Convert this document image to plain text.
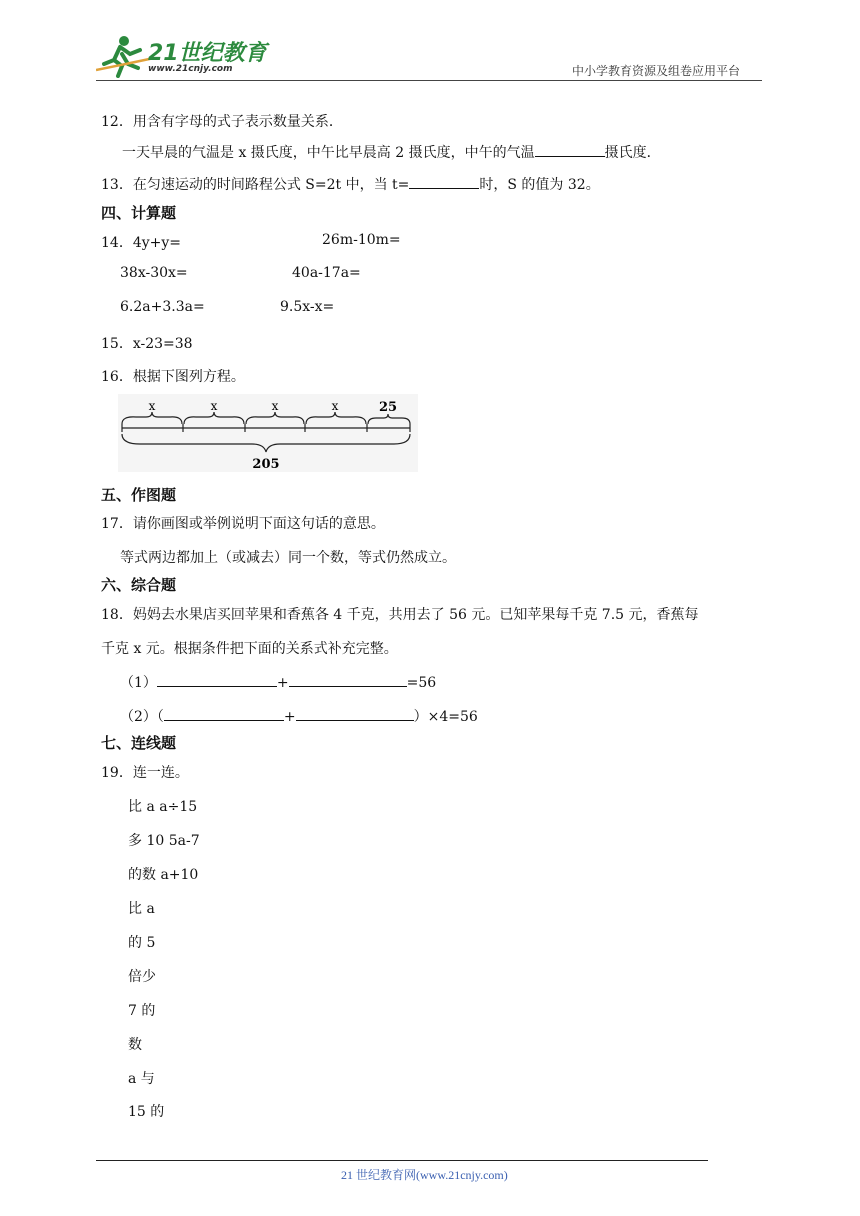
21世纪教育
www.21cnjy.com	中小学教育资源及组卷应用平台
12．用含有字母的式子表示数量关系．
一天早晨的气温是 x 摄氏度，中午比早晨高 2 摄氏度，中午的气温	摄氏度．
13．在匀速运动的时间路程公式 S=2t 中，当 t=	时，S 的值为 32。
四、计算题
14．4y+y=	26m-10m=
38x-30x=	40a-17a=
6.2a+3.3a=	9.5x-x=
15．x-23=38
16．根据下图列方程。
x	x	x	x	25
205
五、作图题
17．请你画图或举例说明下面这句话的意思。
等式两边都加上（或减去）同一个数，等式仍然成立。
六、综合题
18．妈妈去水果店买回苹果和香蕉各 4 千克，共用去了 56 元。已知苹果每千克 7.5 元，香蕉每
千克 x 元。根据条件把下面的关系式补充完整。
（1）	+	=56
（2）（	+	）×4=56
七、连线题
19．连一连。
比 a a÷15
多 10 5a-7
的数 a+10
比 a
的 5
倍少
7 的
数
a 与
15 的
21 世纪教育网(www.21cnjy.com)
